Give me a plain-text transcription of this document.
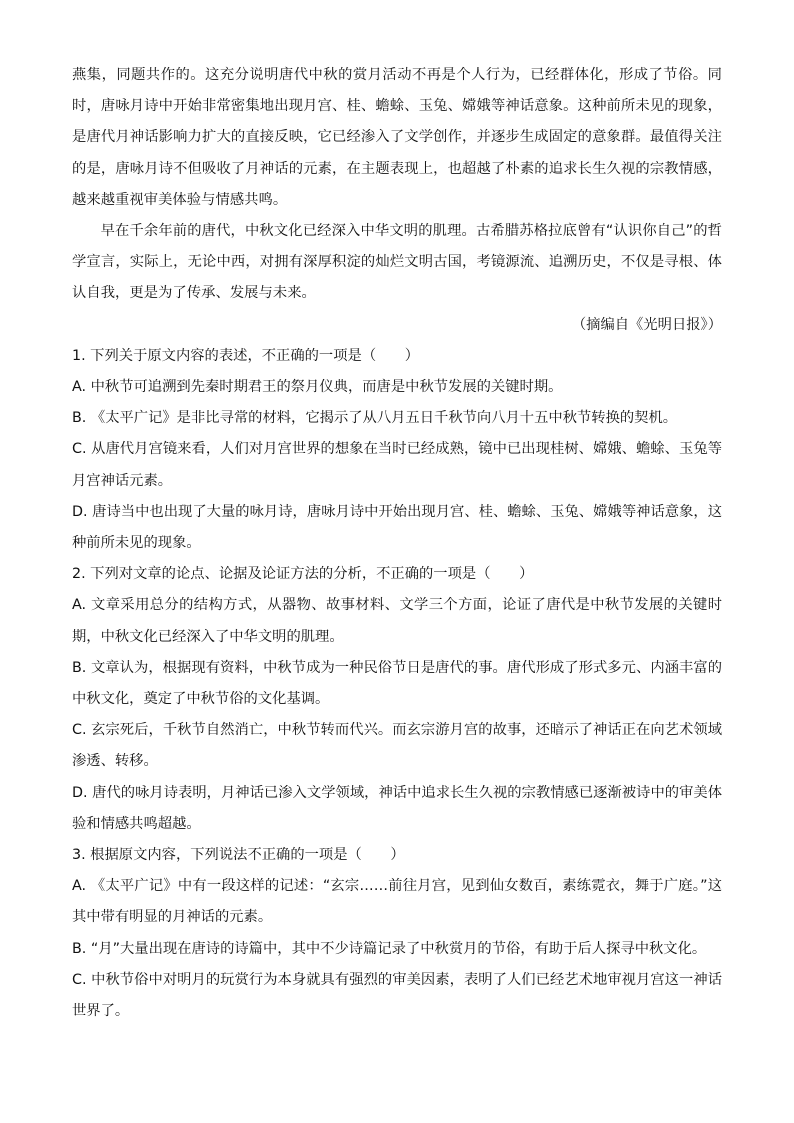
燕集，同题共作的。这充分说明唐代中秋的赏月活动不再是个人行为，已经群体化，形成了节俗。同时，唐咏月诗中开始非常密集地出现月宫、桂、蟾蜍、玉兔、嫦娥等神话意象。这种前所未见的现象，是唐代月神话影响力扩大的直接反映，它已经渗入了文学创作，并逐步生成固定的意象群。最值得关注的是，唐咏月诗不但吸收了月神话的元素，在主题表现上，也超越了朴素的追求长生久视的宗教情感，越来越重视审美体验与情感共鸣。

早在千余年前的唐代，中秋文化已经深入中华文明的肌理。古希腊苏格拉底曾有“认识你自己”的哲学宣言，实际上，无论中西，对拥有深厚积淀的灿烂文明古国，考镜源流、追溯历史，不仅是寻根、体认自我，更是为了传承、发展与未来。

（摘编自《光明日报》）

1. 下列关于原文内容的表述，不正确的一项是（　　）

A. 中秋节可追溯到先秦时期君王的祭月仪典，而唐是中秋节发展的关键时期。

B. 《太平广记》是非比寻常的材料，它揭示了从八月五日千秋节向八月十五中秋节转换的契机。

C. 从唐代月宫镜来看，人们对月宫世界的想象在当时已经成熟，镜中已出现桂树、嫦娥、蟾蜍、玉兔等月宫神话元素。

D. 唐诗当中也出现了大量的咏月诗，唐咏月诗中开始出现月宫、桂、蟾蜍、玉兔、嫦娥等神话意象，这种前所未见的现象。

2. 下列对文章的论点、论据及论证方法的分析，不正确的一项是（　　）

A. 文章采用总分的结构方式，从器物、故事材料、文学三个方面，论证了唐代是中秋节发展的关键时期，中秋文化已经深入了中华文明的肌理。

B. 文章认为，根据现有资料，中秋节成为一种民俗节日是唐代的事。唐代形成了形式多元、内涵丰富的中秋文化，奠定了中秋节俗的文化基调。

C. 玄宗死后，千秋节自然消亡，中秋节转而代兴。而玄宗游月宫的故事，还暗示了神话正在向艺术领域渗透、转移。

D. 唐代的咏月诗表明，月神话已渗入文学领域，神话中追求长生久视的宗教情感已逐渐被诗中的审美体验和情感共鸣超越。

3. 根据原文内容，下列说法不正确的一项是（　　）

A. 《太平广记》中有一段这样的记述：“玄宗……前往月宫，见到仙女数百，素练霓衣，舞于广庭。”这其中带有明显的月神话的元素。

B. “月”大量出现在唐诗的诗篇中，其中不少诗篇记录了中秋赏月的节俗，有助于后人探寻中秋文化。

C. 中秋节俗中对明月的玩赏行为本身就具有强烈的审美因素，表明了人们已经艺术地审视月宫这一神话世界了。
